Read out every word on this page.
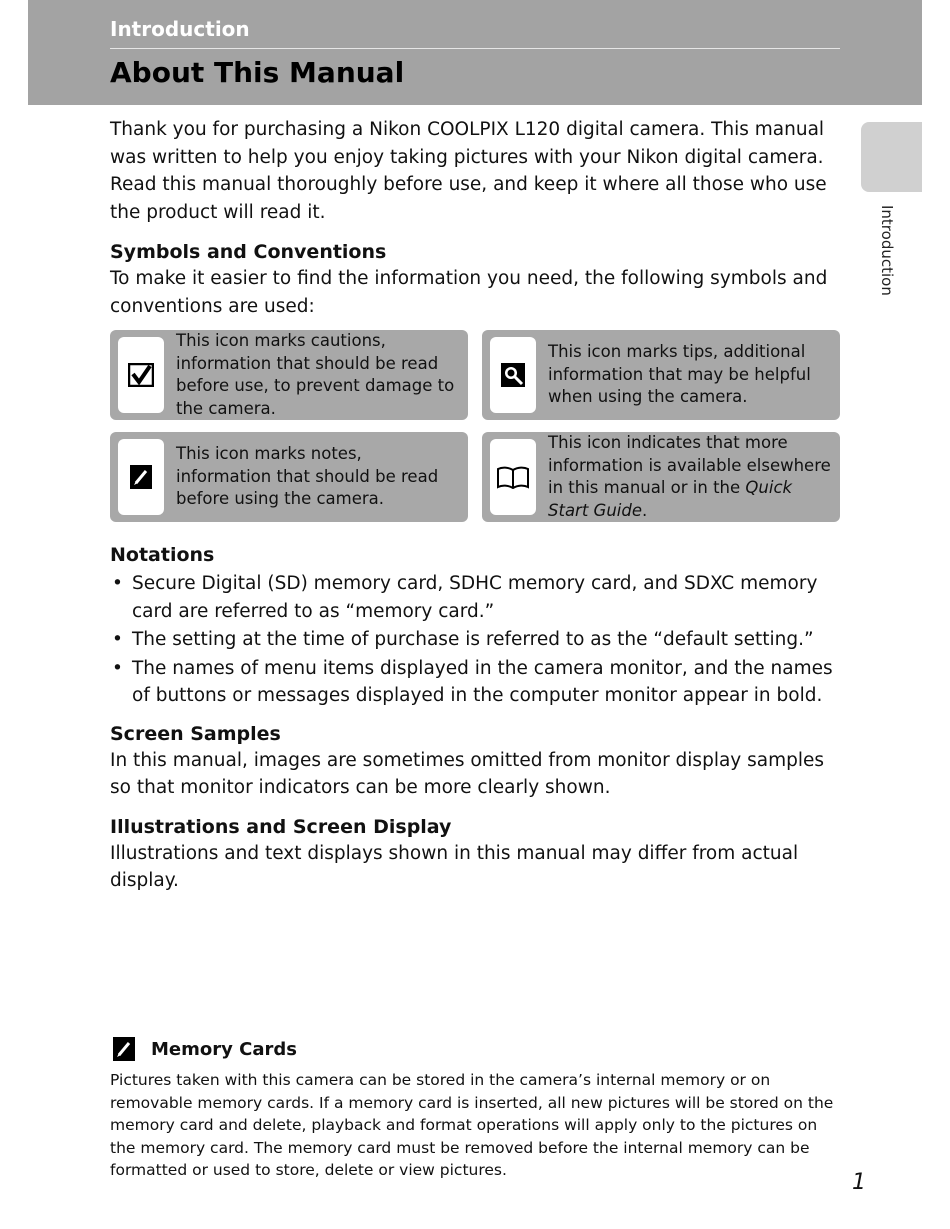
Introduction
About This Manual
Introduction

Thank you for purchasing a Nikon COOLPIX L120 digital camera. This manual was written to help you enjoy taking pictures with your Nikon digital camera. Read this manual thoroughly before use, and keep it where all those who use the product will read it.

Symbols and Conventions

To make it easier to find the information you need, the following symbols and conventions are used:

This icon marks cautions, information that should be read before use, to prevent damage to the camera.
This icon marks tips, additional information that may be helpful when using the camera.
This icon marks notes, information that should be read before using the camera.
This icon indicates that more information is available elsewhere in this manual or in the Quick Start Guide.
Notations
• Secure Digital (SD) memory card, SDHC memory card, and SDXC memory card are referred to as “memory card.”
• The setting at the time of purchase is referred to as the “default setting.”
• The names of menu items displayed in the camera monitor, and the names of buttons or messages displayed in the computer monitor appear in bold.
Screen Samples

In this manual, images are sometimes omitted from monitor display samples so that monitor indicators can be more clearly shown.

Illustrations and Screen Display

Illustrations and text displays shown in this manual may differ from actual display.

Memory Cards

Pictures taken with this camera can be stored in the camera’s internal memory or on removable memory cards. If a memory card is inserted, all new pictures will be stored on the memory card and delete, playback and format operations will apply only to the pictures on the memory card. The memory card must be removed before the internal memory can be formatted or used to store, delete or view pictures.	1
